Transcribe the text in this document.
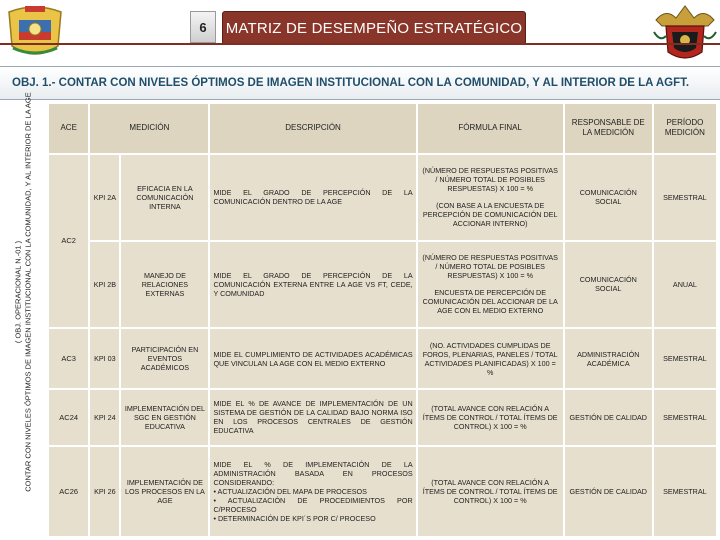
6	MATRIZ DE DESEMPEÑO ESTRATÉGICO
OBJ. 1.- CONTAR CON NIVELES ÓPTIMOS DE IMAGEN INSTITUCIONAL CON LA COMUNIDAD, Y AL INTERIOR DE LA AGFT.
( OBJ. OPERACIONAL N.-01 ) CONTAR CON NIVELES ÓPTIMOS DE IMAGEN INSTITUCIONAL CON LA COMUNIDAD, Y AL INTERIOR DE LA AGE	ACE	MEDICIÓN		DESCRIPCIÓN	FÓRMULA FINAL	RESPONSABLE DE LA MEDICIÓN	PERÍODO MEDICIÓN
AC2	KPI 2A	EFICACIA EN LA COMUNICACIÓN INTERNA	MIDE EL GRADO DE PERCEPCIÓN DE LA COMUNICACIÓN DENTRO DE LA AGE	(NÚMERO DE RESPUESTAS POSITIVAS / NÚMERO TOTAL DE POSIBLES RESPUESTAS) X 100 = %
(CON BASE A LA ENCUESTA DE PERCEPCIÓN DE COMUNICACIÓN DEL ACCIONAR INTERNO)	COMUNICACIÓN SOCIAL	SEMESTRAL
	KPI 2B	MANEJO DE RELACIONES EXTERNAS	MIDE EL GRADO DE PERCEPCIÓN DE LA COMUNICACIÓN EXTERNA ENTRE LA AGE VS FT, CEDE, Y COMUNIDAD	(NÚMERO DE RESPUESTAS POSITIVAS / NÚMERO TOTAL DE POSIBLES RESPUESTAS) X 100 = %
ENCUESTA DE PERCEPCIÓN DE COMUNICACIÓN DEL ACCIONAR DE LA AGE CON EL MEDIO EXTERNO	COMUNICACIÓN SOCIAL	ANUAL
AC3	KPI 03	PARTICIPACIÓN EN EVENTOS ACADÉMICOS	MIDE EL CUMPLIMIENTO DE ACTIVIDADES ACADÉMICAS QUE VINCULAN LA AGE CON EL MEDIO EXTERNO	(NO. ACTIVIDADES CUMPLIDAS DE FOROS, PLENARIAS, PANELES / TOTAL ACTIVIDADES PLANIFICADAS) X 100 = %	ADMINISTRACIÓN ACADÉMICA	SEMESTRAL
AC24	KPI 24	IMPLEMENTACIÓN DEL SGC EN GESTIÓN EDUCATIVA	MIDE EL % DE AVANCE DE IMPLEMENTACIÓN DE UN SISTEMA DE GESTIÓN DE LA CALIDAD BAJO NORMA ISO EN LOS PROCESOS CENTRALES DE GESTIÓN EDUCATIVA	(TOTAL AVANCE CON RELACIÓN A ÍTEMS DE CONTROL / TOTAL ÍTEMS DE CONTROL) X 100 = %	GESTIÓN DE CALIDAD	SEMESTRAL
AC26	KPI 26	IMPLEMENTACIÓN DE LOS PROCESOS EN LA AGE	MIDE EL % DE IMPLEMENTACIÓN DE LA ADMINISTRACIÓN BASADA EN PROCESOS CONSIDERANDO:
• ACTUALIZACIÓN DEL MAPA DE PROCESOS
• ACTUALIZACIÓN DE PROCEDIMIENTOS POR C/PROCESO
• DETERMINACIÓN DE KPI´S POR C/ PROCESO	(TOTAL AVANCE CON RELACIÓN A ÍTEMS DE CONTROL / TOTAL ÍTEMS DE CONTROL) X 100 = %	GESTIÓN DE CALIDAD	SEMESTRAL
